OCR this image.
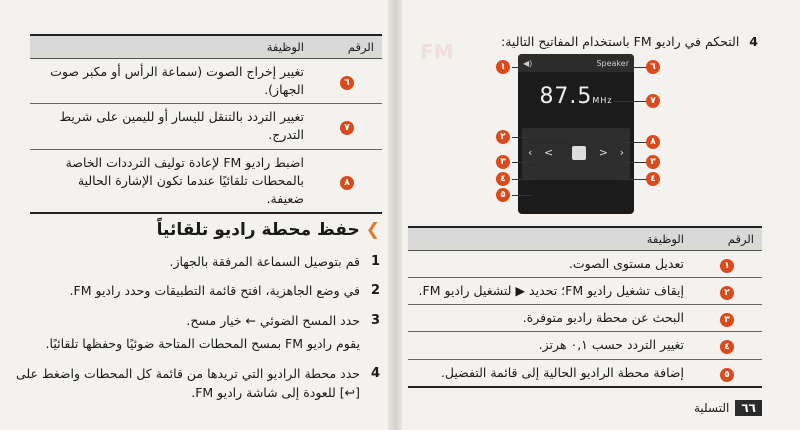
FM
الرقم	الوظيفة
٦	تغيير إخراج الصوت (سماعة الرأس أو مكبر صوت الجهاز).
٧	تغيير التردد بالتنقل لليسار أو لليمين على شريط التدرج.
٨	اضبط راديو FM لإعادة توليف الترددات الخاصة بالمحطات تلقائيًا عندما تكون الإشارة الحالية ضعيفة.
❯حفظ محطة راديو تلقائياً
1

قم بتوصيل السماعة المرفقة بالجهاز.

2

في وضع الجاهزية، افتح قائمة التطبيقات وحدد راديو FM.

3

حدد المسح الضوئي ← خيار مسح.

يقوم راديو FM بمسح المحطات المتاحة ضوئيًا وحفظها تلقائيًا.

4

حدد محطة الراديو التي تريدها من قائمة كل المحطات واضغط على [↩] للعودة إلى شاشة راديو FM.

4التحكم في راديو FM باستخدام المفاتيح التالية:
◀)	Speaker
87.5MHz
‹ <	> ›
١
٢
٣
٤
٥
٦
٧
٨
٣
٤
الرقم	الوظيفة
١	تعديل مستوى الصوت.
٢	إيقاف تشغيل راديو FM؛ تحديد ▶ لتشغيل راديو FM.
٣	البحث عن محطة راديو متوفرة.
٤	تغيير التردد حسب ٠,١ هرتز.
٥	إضافة محطة الراديو الحالية إلى قائمة التفضيل.
٦٦
التسلية
